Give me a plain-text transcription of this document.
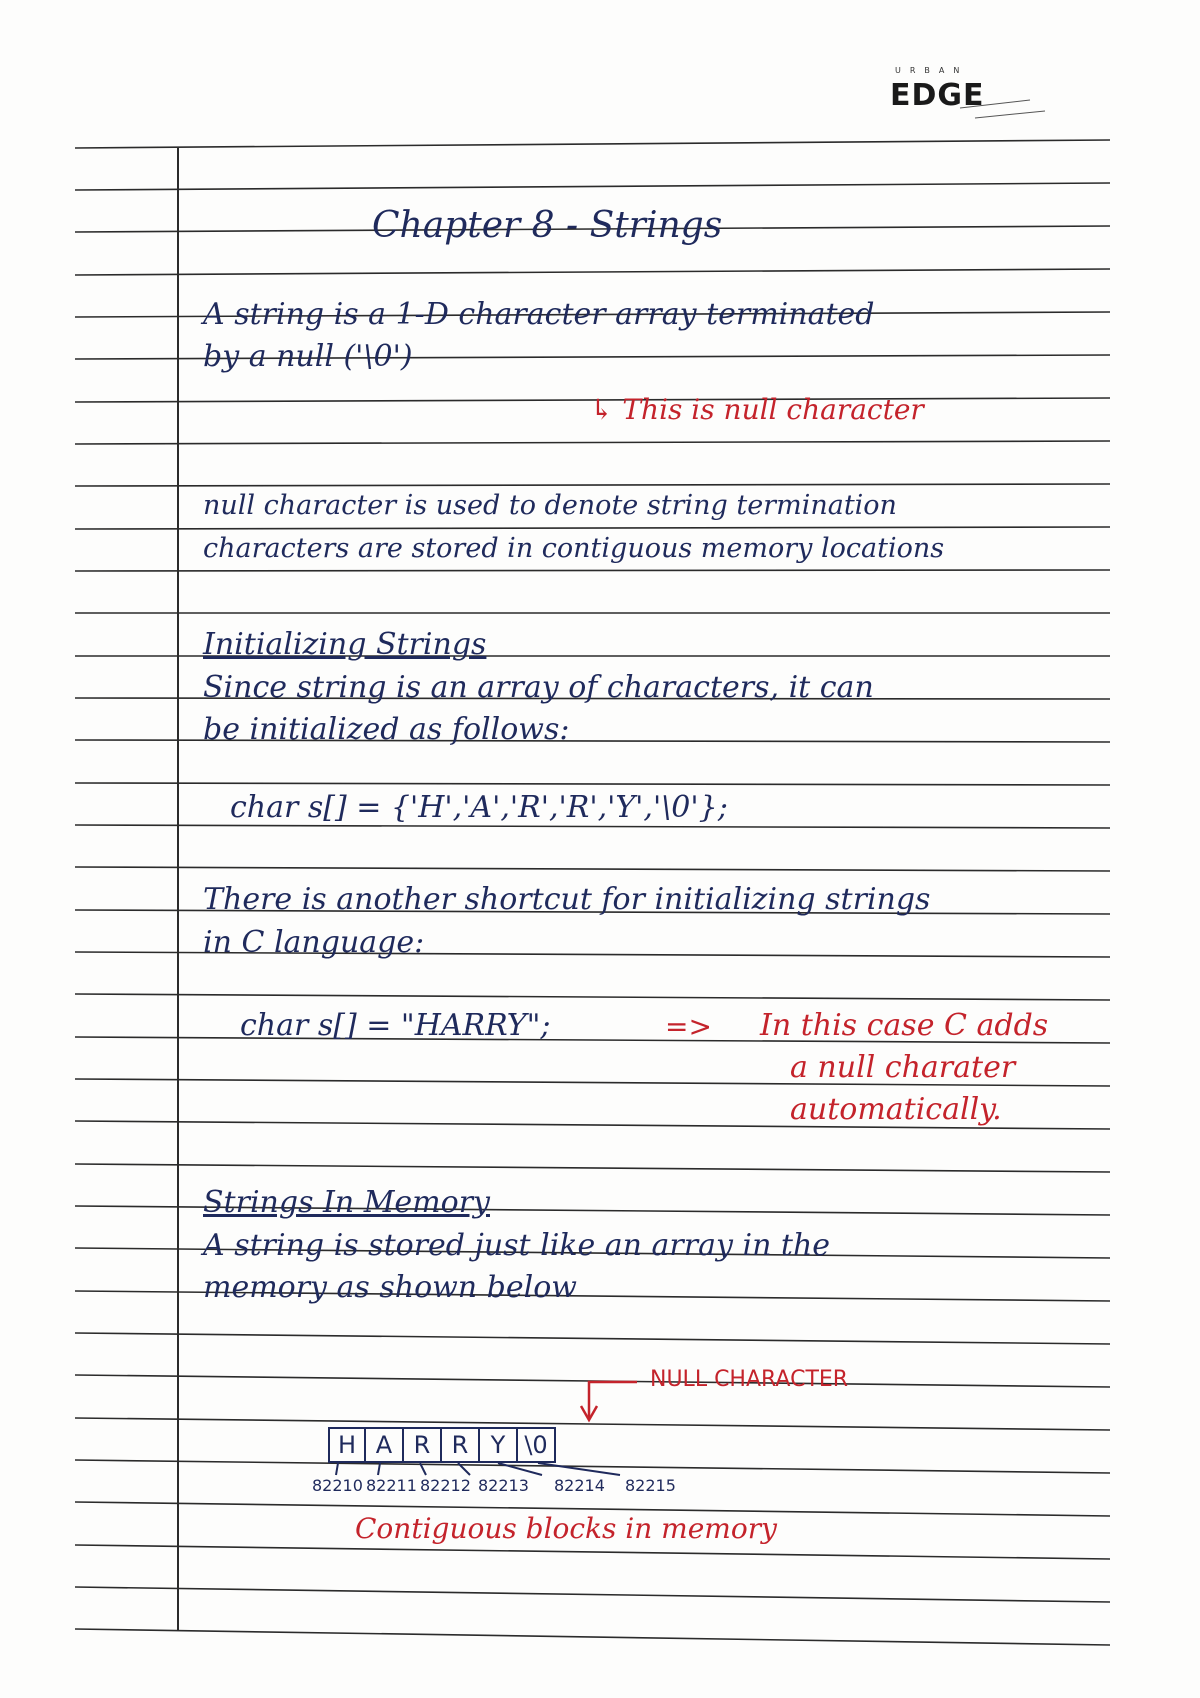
URBAN
EDGE
Chapter 8 - Strings
A string is a 1-D character array terminated
by a null ('\0')
↳ This is null character
null character is used to denote string termination
characters are stored in contiguous memory locations
Initializing Strings
Since string is an array of characters, it can
be initialized as follows:
char s[] = {'H','A','R','R','Y','\0'};
There is another shortcut for initializing strings
in C language:
char s[] = "HARRY";	=> In this case C adds
a null charater
automatically.
Strings In Memory
A string is stored just like an array in the
memory as shown below
NULL CHARACTER
H A R R Y \0
82210 82211 82212 82213 82214 82215
Contiguous blocks in memory
